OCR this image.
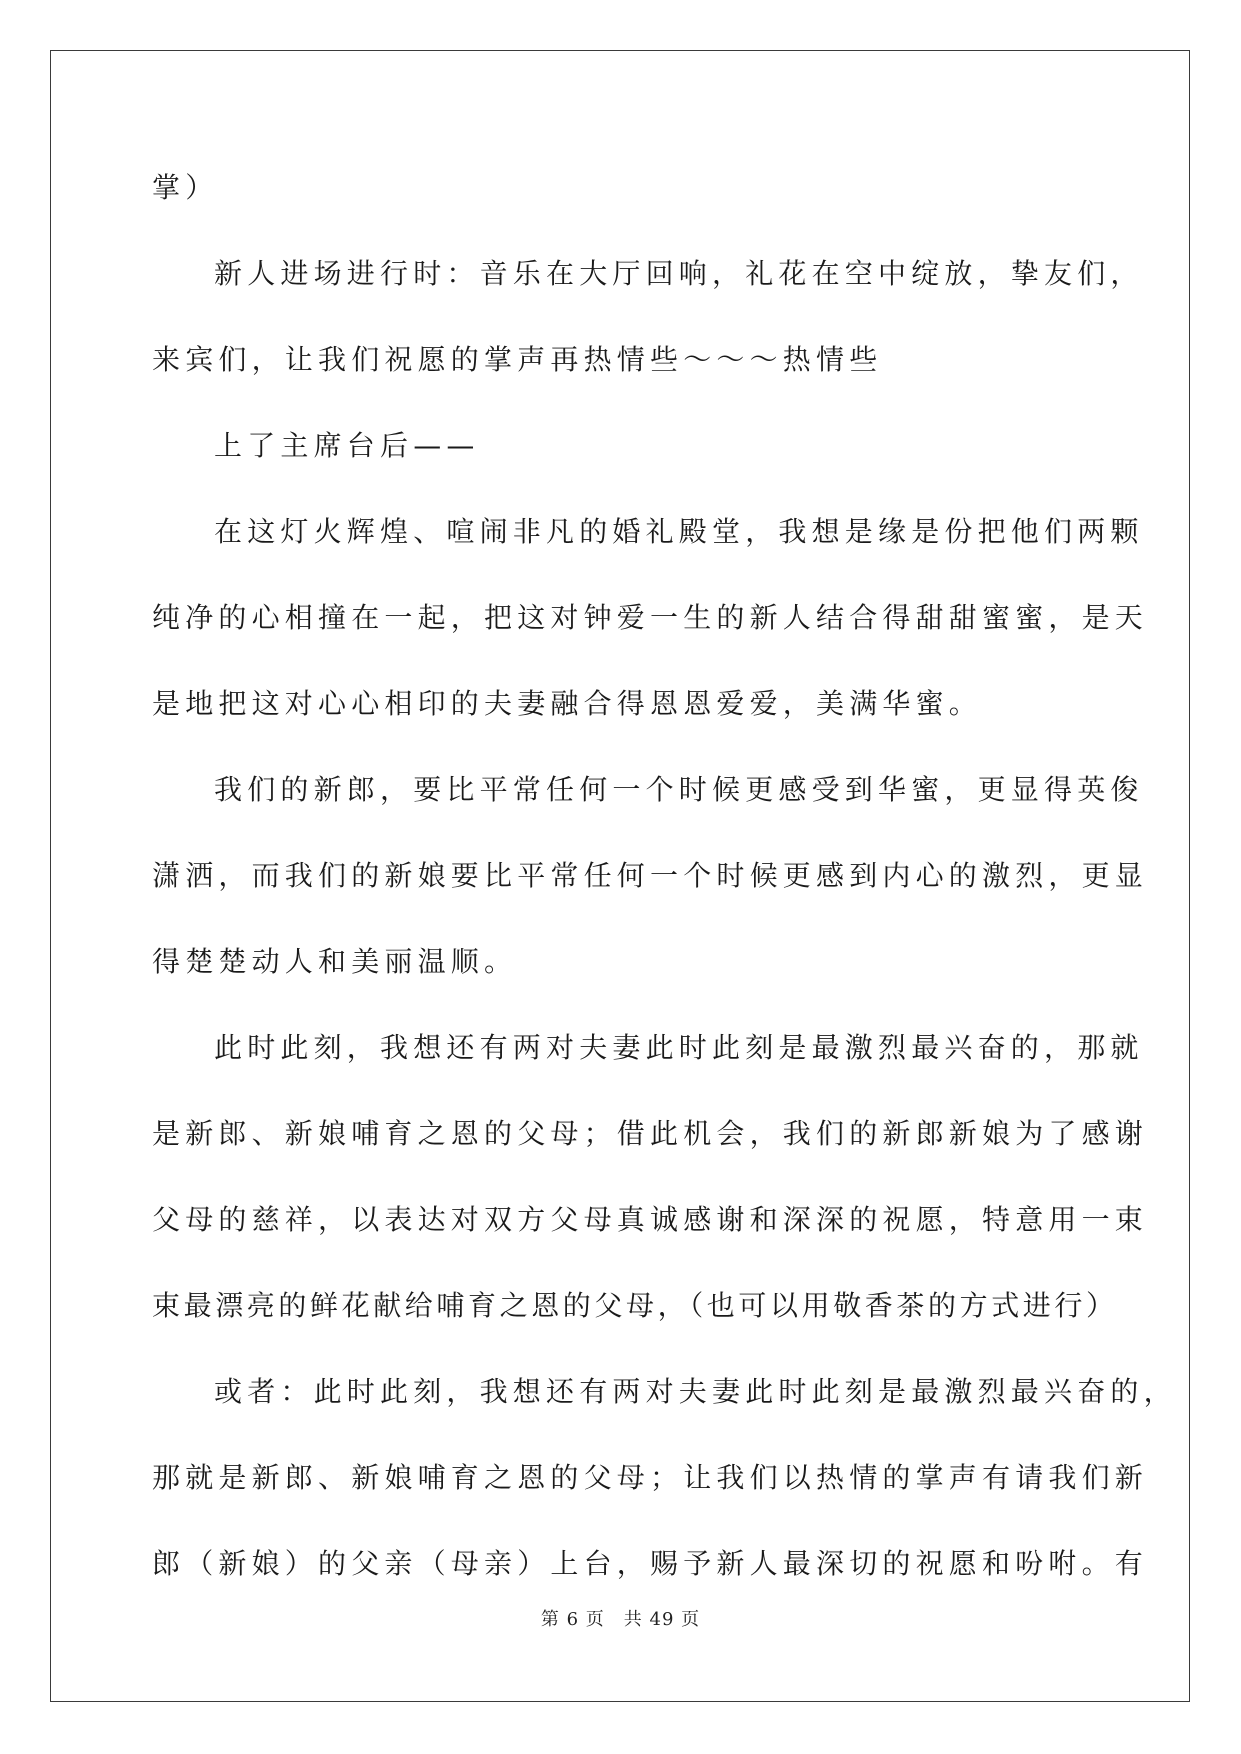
掌）
新人进场进行时：音乐在大厅回响，礼花在空中绽放，挚友们，
来宾们，让我们祝愿的掌声再热情些～～～热情些
上了主席台后——
在这灯火辉煌、喧闹非凡的婚礼殿堂，我想是缘是份把他们两颗
纯净的心相撞在一起，把这对钟爱一生的新人结合得甜甜蜜蜜，是天
是地把这对心心相印的夫妻融合得恩恩爱爱，美满华蜜。
我们的新郎，要比平常任何一个时候更感受到华蜜，更显得英俊
潇洒，而我们的新娘要比平常任何一个时候更感到内心的激烈，更显
得楚楚动人和美丽温顺。
此时此刻，我想还有两对夫妻此时此刻是最激烈最兴奋的，那就
是新郎、新娘哺育之恩的父母；借此机会，我们的新郎新娘为了感谢
父母的慈祥，以表达对双方父母真诚感谢和深深的祝愿，特意用一束
束最漂亮的鲜花献给哺育之恩的父母，（也可以用敬香茶的方式进行）
或者：此时此刻，我想还有两对夫妻此时此刻是最激烈最兴奋的，
那就是新郎、新娘哺育之恩的父母；让我们以热情的掌声有请我们新
郎（新娘）的父亲（母亲）上台，赐予新人最深切的祝愿和吩咐。有
第 6 页　共 49 页
